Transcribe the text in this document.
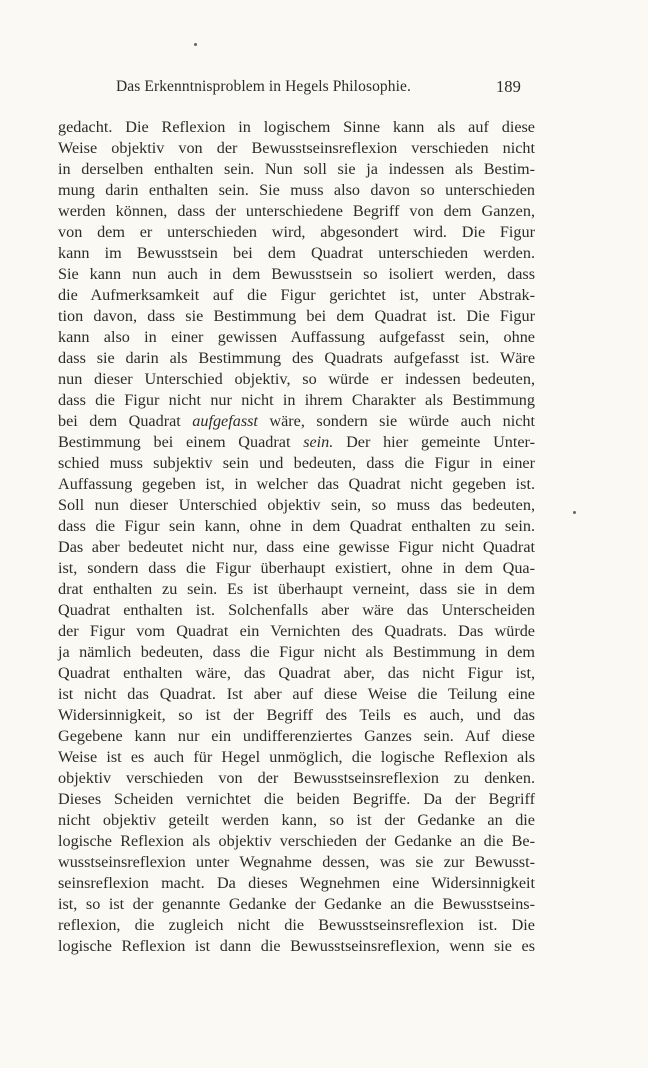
Das Erkenntnisproblem in Hegels Philosophie.	189
gedacht. Die Reflexion in logischem Sinne kann als auf diese
Weise objektiv von der Bewusstseinsreflexion verschieden nicht
in derselben enthalten sein. Nun soll sie ja indessen als Bestim-
mung darin enthalten sein. Sie muss also davon so unterschieden
werden können, dass der unterschiedene Begriff von dem Ganzen,
von dem er unterschieden wird, abgesondert wird. Die Figur
kann im Bewusstsein bei dem Quadrat unterschieden werden.
Sie kann nun auch in dem Bewusstsein so isoliert werden, dass
die Aufmerksamkeit auf die Figur gerichtet ist, unter Abstrak-
tion davon, dass sie Bestimmung bei dem Quadrat ist. Die Figur
kann also in einer gewissen Auffassung aufgefasst sein, ohne
dass sie darin als Bestimmung des Quadrats aufgefasst ist. Wäre
nun dieser Unterschied objektiv, so würde er indessen bedeuten,
dass die Figur nicht nur nicht in ihrem Charakter als Bestimmung
bei dem Quadrat aufgefasst wäre, sondern sie würde auch nicht
Bestimmung bei einem Quadrat sein. Der hier gemeinte Unter-
schied muss subjektiv sein und bedeuten, dass die Figur in einer
Auffassung gegeben ist, in welcher das Quadrat nicht gegeben ist.
Soll nun dieser Unterschied objektiv sein, so muss das bedeuten,
dass die Figur sein kann, ohne in dem Quadrat enthalten zu sein.
Das aber bedeutet nicht nur, dass eine gewisse Figur nicht Quadrat
ist, sondern dass die Figur überhaupt existiert, ohne in dem Qua-
drat enthalten zu sein. Es ist überhaupt verneint, dass sie in dem
Quadrat enthalten ist. Solchenfalls aber wäre das Unterscheiden
der Figur vom Quadrat ein Vernichten des Quadrats. Das würde
ja nämlich bedeuten, dass die Figur nicht als Bestimmung in dem
Quadrat enthalten wäre, das Quadrat aber, das nicht Figur ist,
ist nicht das Quadrat. Ist aber auf diese Weise die Teilung eine
Widersinnigkeit, so ist der Begriff des Teils es auch, und das
Gegebene kann nur ein undifferenziertes Ganzes sein. Auf diese
Weise ist es auch für Hegel unmöglich, die logische Reflexion als
objektiv verschieden von der Bewusstseinsreflexion zu denken.
Dieses Scheiden vernichtet die beiden Begriffe. Da der Begriff
nicht objektiv geteilt werden kann, so ist der Gedanke an die
logische Reflexion als objektiv verschieden der Gedanke an die Be-
wusstseinsreflexion unter Wegnahme dessen, was sie zur Bewusst-
seinsreflexion macht. Da dieses Wegnehmen eine Widersinnigkeit
ist, so ist der genannte Gedanke der Gedanke an die Bewusstseins-
reflexion, die zugleich nicht die Bewusstseinsreflexion ist. Die
logische Reflexion ist dann die Bewusstseinsreflexion, wenn sie es
